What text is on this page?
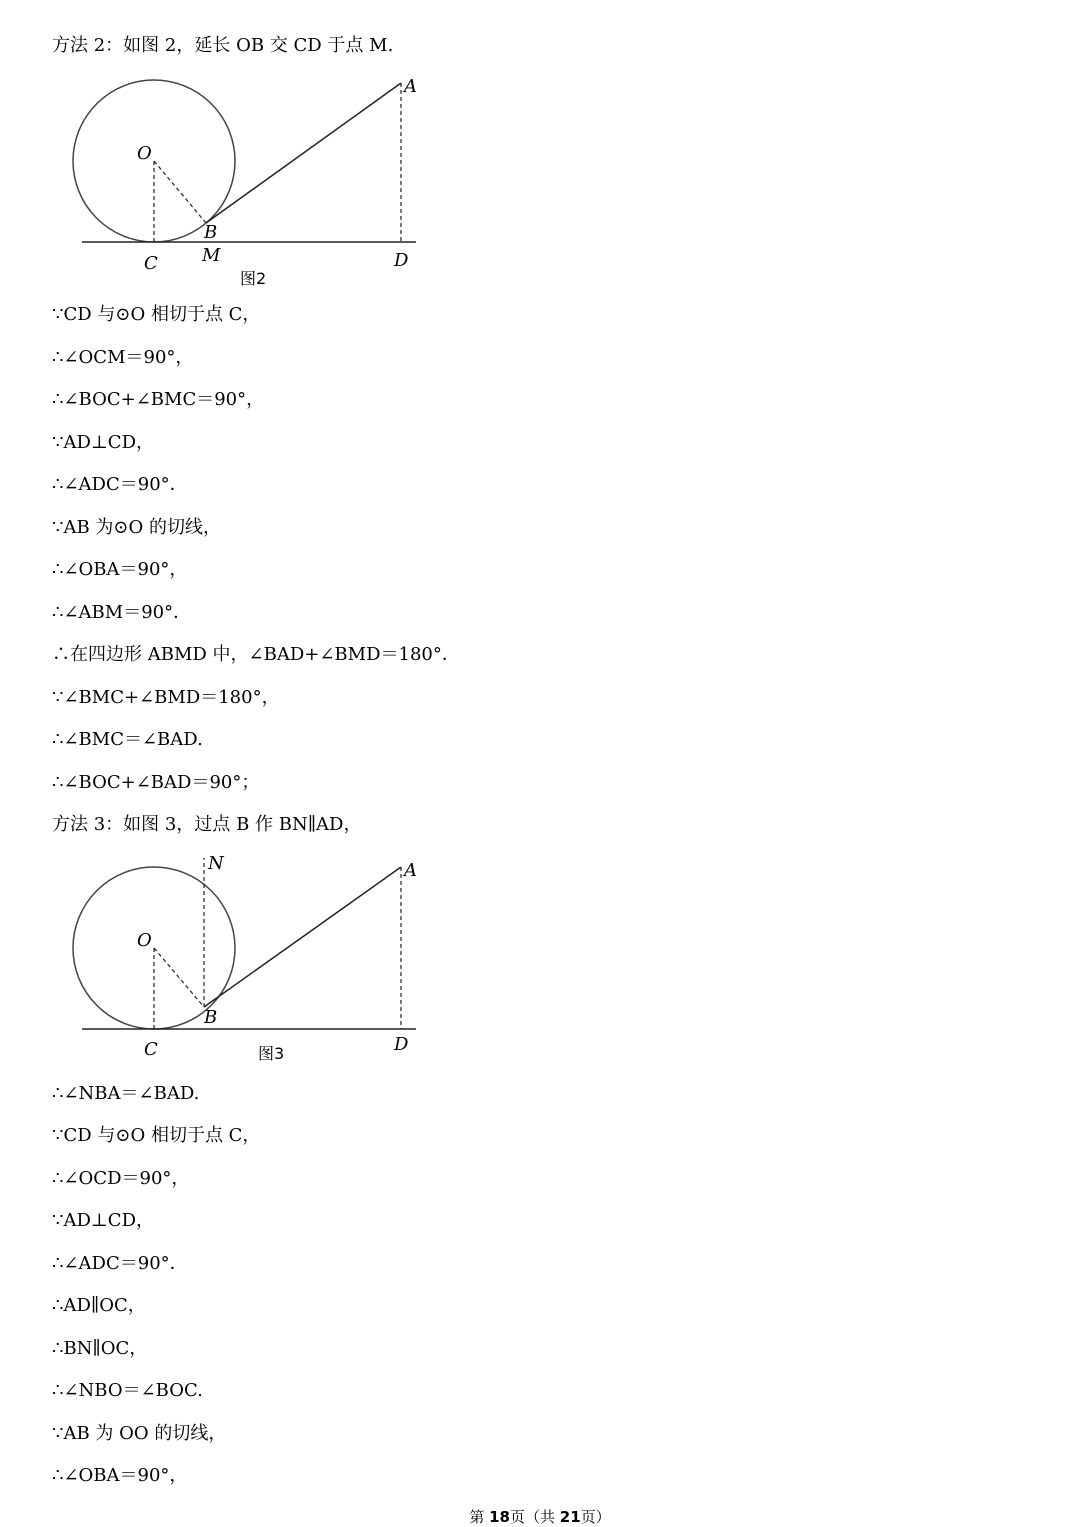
方法 2：如图 2，延长 OB 交 CD 于点 M.
O
A
B
M
C	D
图2
∵CD 与⊙O 相切于点 C，
∴∠OCM＝90°，
∴∠BOC+∠BMC＝90°，
∵AD⊥CD，
∴∠ADC＝90°．
∵AB 为⊙O 的切线，
∴∠OBA＝90°，
∴∠ABM＝90°．
∴在四边形 ABMD 中，∠BAD+∠BMD＝180°．
∵∠BMC+∠BMD＝180°，
∴∠BMC＝∠BAD.
∴∠BOC+∠BAD＝90°；
方法 3：如图 3，过点 B 作 BN∥AD，
N
O
A
B
C	D
图3
∴∠NBA＝∠BAD.
∵CD 与⊙O 相切于点 C，
∴∠OCD＝90°，
∵AD⊥CD，
∴∠ADC＝90°．
∴AD∥OC，
∴BN∥OC，
∴∠NBO＝∠BOC.
∵AB 为 OO 的切线，
∴∠OBA＝90°，
第 18页（共 21页）
